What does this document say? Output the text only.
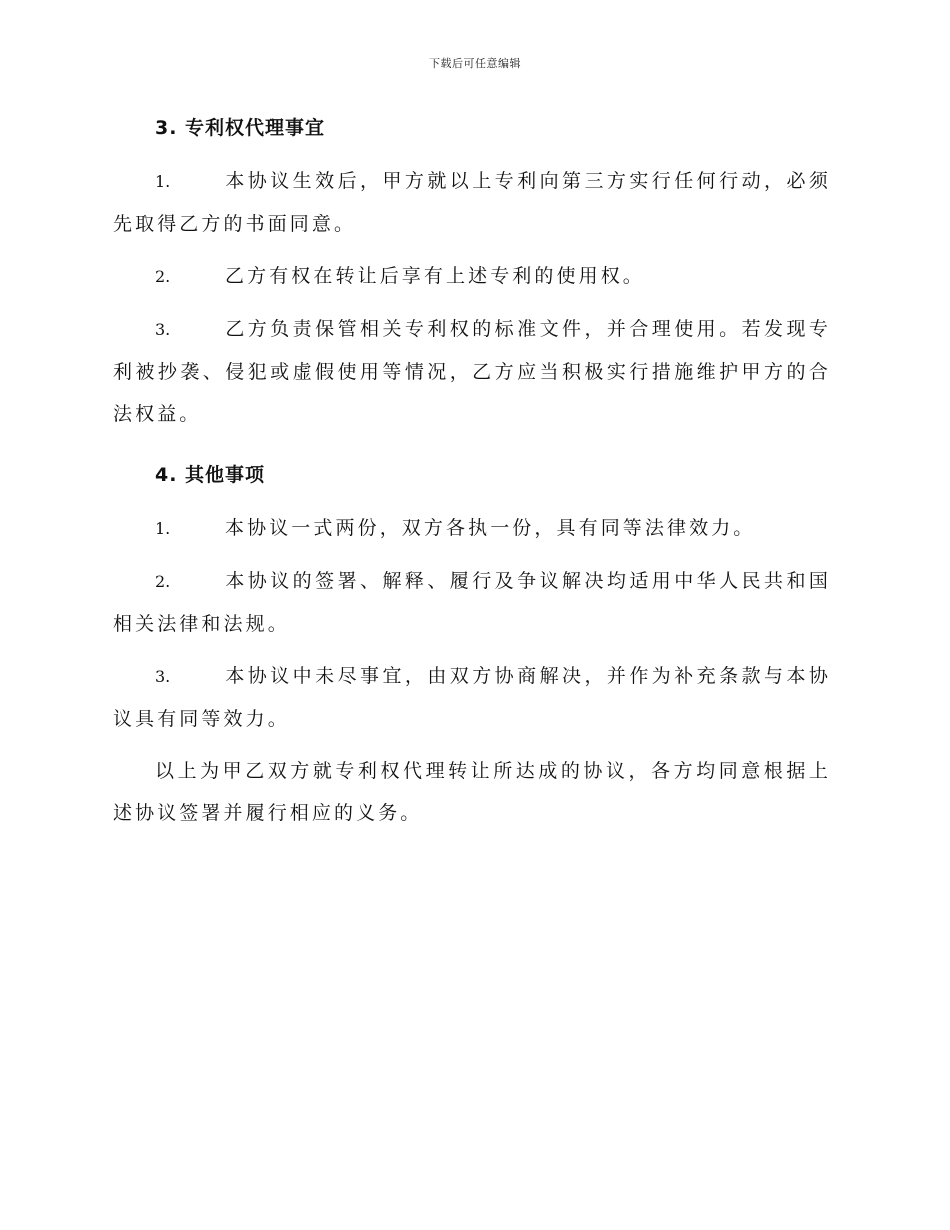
下载后可任意编辑
3. 专利权代理事宜

1.	本协议生效后，甲方就以上专利向第三方实行任何行动，必须先取得乙方的书面同意。

2.	乙方有权在转让后享有上述专利的使用权。

3.	乙方负责保管相关专利权的标准文件，并合理使用。若发现专利被抄袭、侵犯或虚假使用等情况，乙方应当积极实行措施维护甲方的合法权益。

4. 其他事项

1.	本协议一式两份，双方各执一份，具有同等法律效力。

2.	本协议的签署、解释、履行及争议解决均适用中华人民共和国相关法律和法规。

3.	本协议中未尽事宜，由双方协商解决，并作为补充条款与本协议具有同等效力。

以上为甲乙双方就专利权代理转让所达成的协议，各方均同意根据上述协议签署并履行相应的义务。
